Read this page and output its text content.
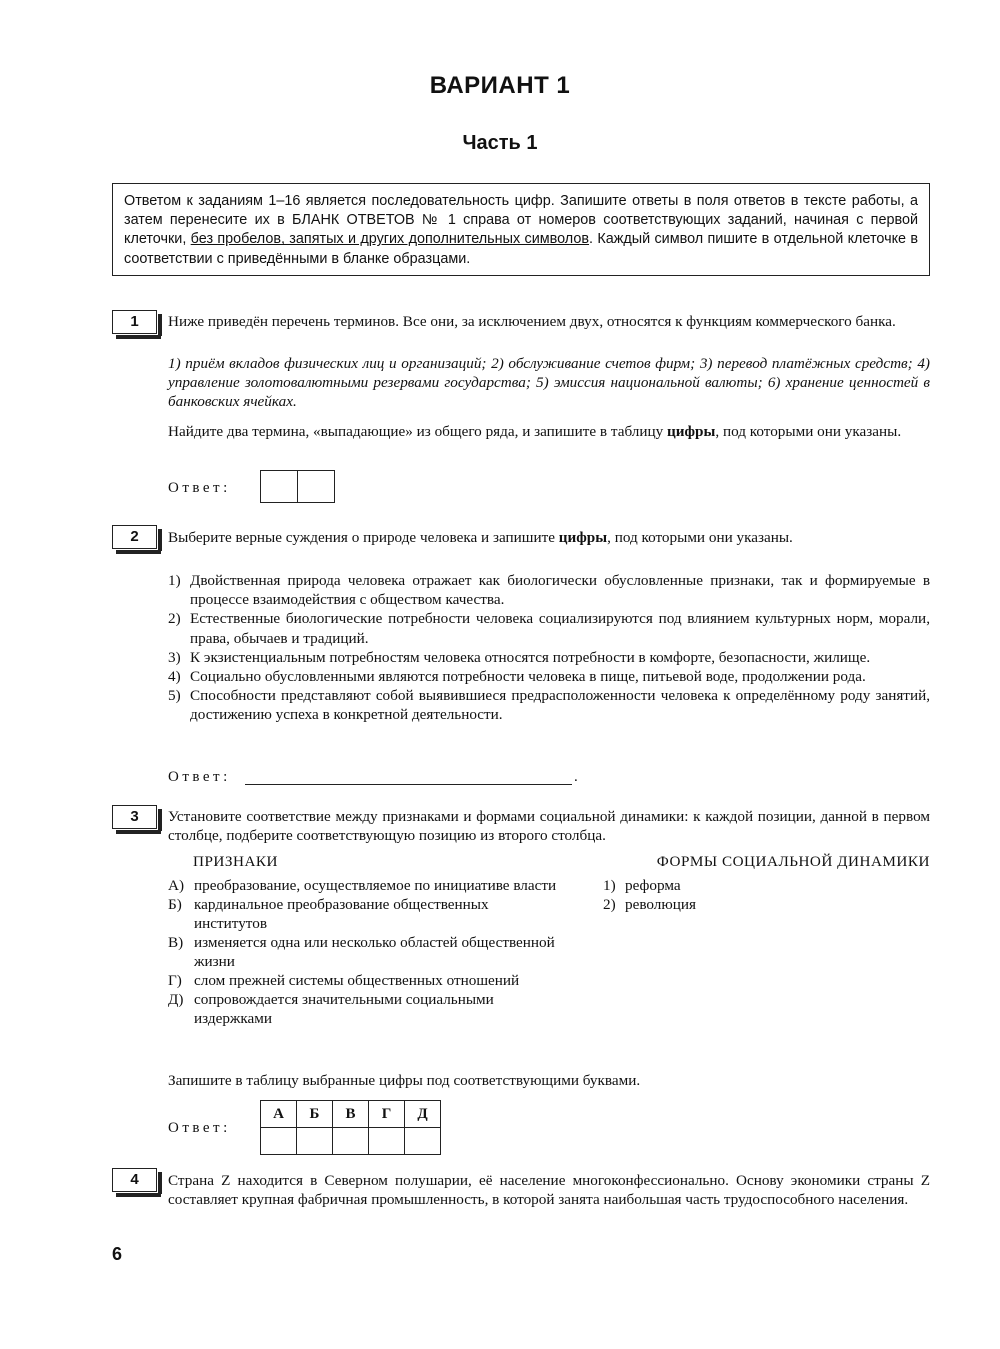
ВАРИАНТ 1
Часть 1
Ответом к заданиям 1–16 является последовательность цифр. Запишите ответы в поля ответов в тексте работы, а затем перенесите их в БЛАНК ОТВЕТОВ № 1 справа от номеров соответствующих заданий, начиная с первой клеточки, без пробелов, запятых и других дополнительных символов. Каждый символ пишите в отдельной клеточке в соответствии с приведёнными в бланке образцами.
1	Ниже приведён перечень терминов. Все они, за исключением двух, относятся к функциям коммерческого банка.
1) приём вкладов физических лиц и организаций; 2) обслуживание счетов фирм; 3) перевод платёжных средств; 4) управление золотовалютными резервами государства; 5) эмиссия национальной валюты; 6) хранение ценностей в банковских ячейках.
Найдите два термина, «выпадающие» из общего ряда, и запишите в таблицу цифры, под которыми они указаны.
Ответ:
2	Выберите верные суждения о природе человека и запишите цифры, под которыми они указаны.
1) Двойственная природа человека отражает как биологически обусловленные признаки, так и формируемые в процессе взаимодействия с обществом качества.
2) Естественные биологические потребности человека социализируются под влиянием культурных норм, морали, права, обычаев и традиций.
3) К экзистенциальным потребностям человека относятся потребности в комфорте, безопасности, жилище.
4) Социально обусловленными являются потребности человека в пище, питьевой воде, продолжении рода.
5) Способности представляют собой выявившиеся предрасположенности человека к определённому роду занятий, достижению успеха в конкретной деятельности.
Ответ:	.
3	Установите соответствие между признаками и формами социальной динамики: к каждой позиции, данной в первом столбце, подберите соответствующую позицию из второго столбца.
ПРИЗНАКИ	ФОРМЫ СОЦИАЛЬНОЙ ДИНАМИКИ
А) преобразование, осуществляемое по инициативе власти
Б) кардинальное преобразование общественных институтов
В) изменяется одна или несколько областей общественной жизни
Г) слом прежней системы общественных отношений
Д) сопровождается значительными социальными издержками
1) реформа
2) революция
Запишите в таблицу выбранные цифры под соответствующими буквами.
Ответ:
А	Б	В	Г	Д

4	Страна Z находится в Северном полушарии, её население многоконфессионально. Основу экономики страны Z составляет крупная фабричная промышленность, в которой занята наибольшая часть трудоспособного населения.
6
